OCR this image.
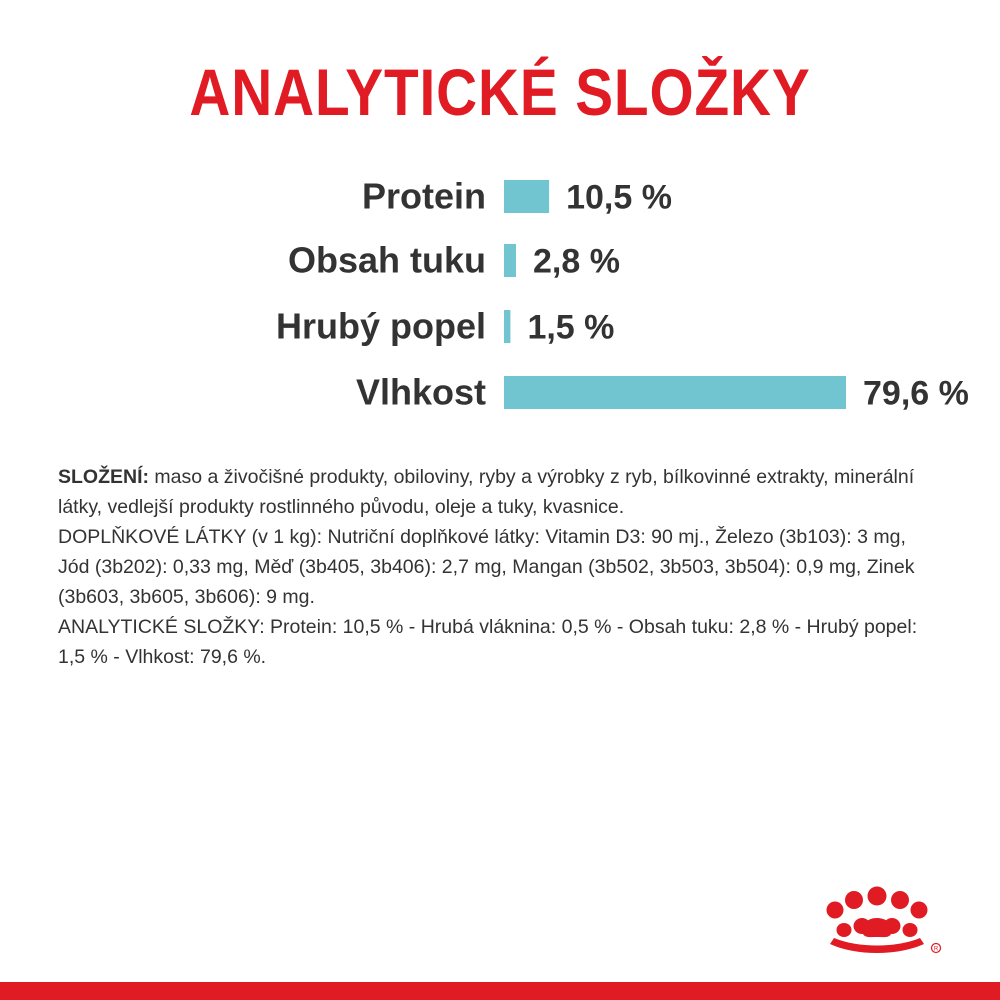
ANALYTICKÉ SLOŽKY
Protein 10,5 %
Obsah tuku 2,8 %
Hrubý popel 1,5 %
Vlhkost	79,6 %

SLOŽENÍ: maso a živočišné produkty, obiloviny, ryby a výrobky z ryb, bílkovinné extrakty, minerální látky, vedlejší produkty rostlinného původu, oleje a tuky, kvasnice.

DOPLŇKOVÉ LÁTKY (v 1 kg): Nutriční doplňkové látky: Vitamin D3: 90 mj., Železo (3b103): 3 mg, Jód (3b202): 0,33 mg, Měď (3b405, 3b406): 2,7 mg, Mangan (3b502, 3b503, 3b504): 0,9 mg, Zinek (3b603, 3b605, 3b606): 9 mg.

ANALYTICKÉ SLOŽKY: Protein: 10,5 % - Hrubá vláknina: 0,5 % - Obsah tuku: 2,8 % - Hrubý popel: 1,5 % - Vlhkost: 79,6 %.

R
